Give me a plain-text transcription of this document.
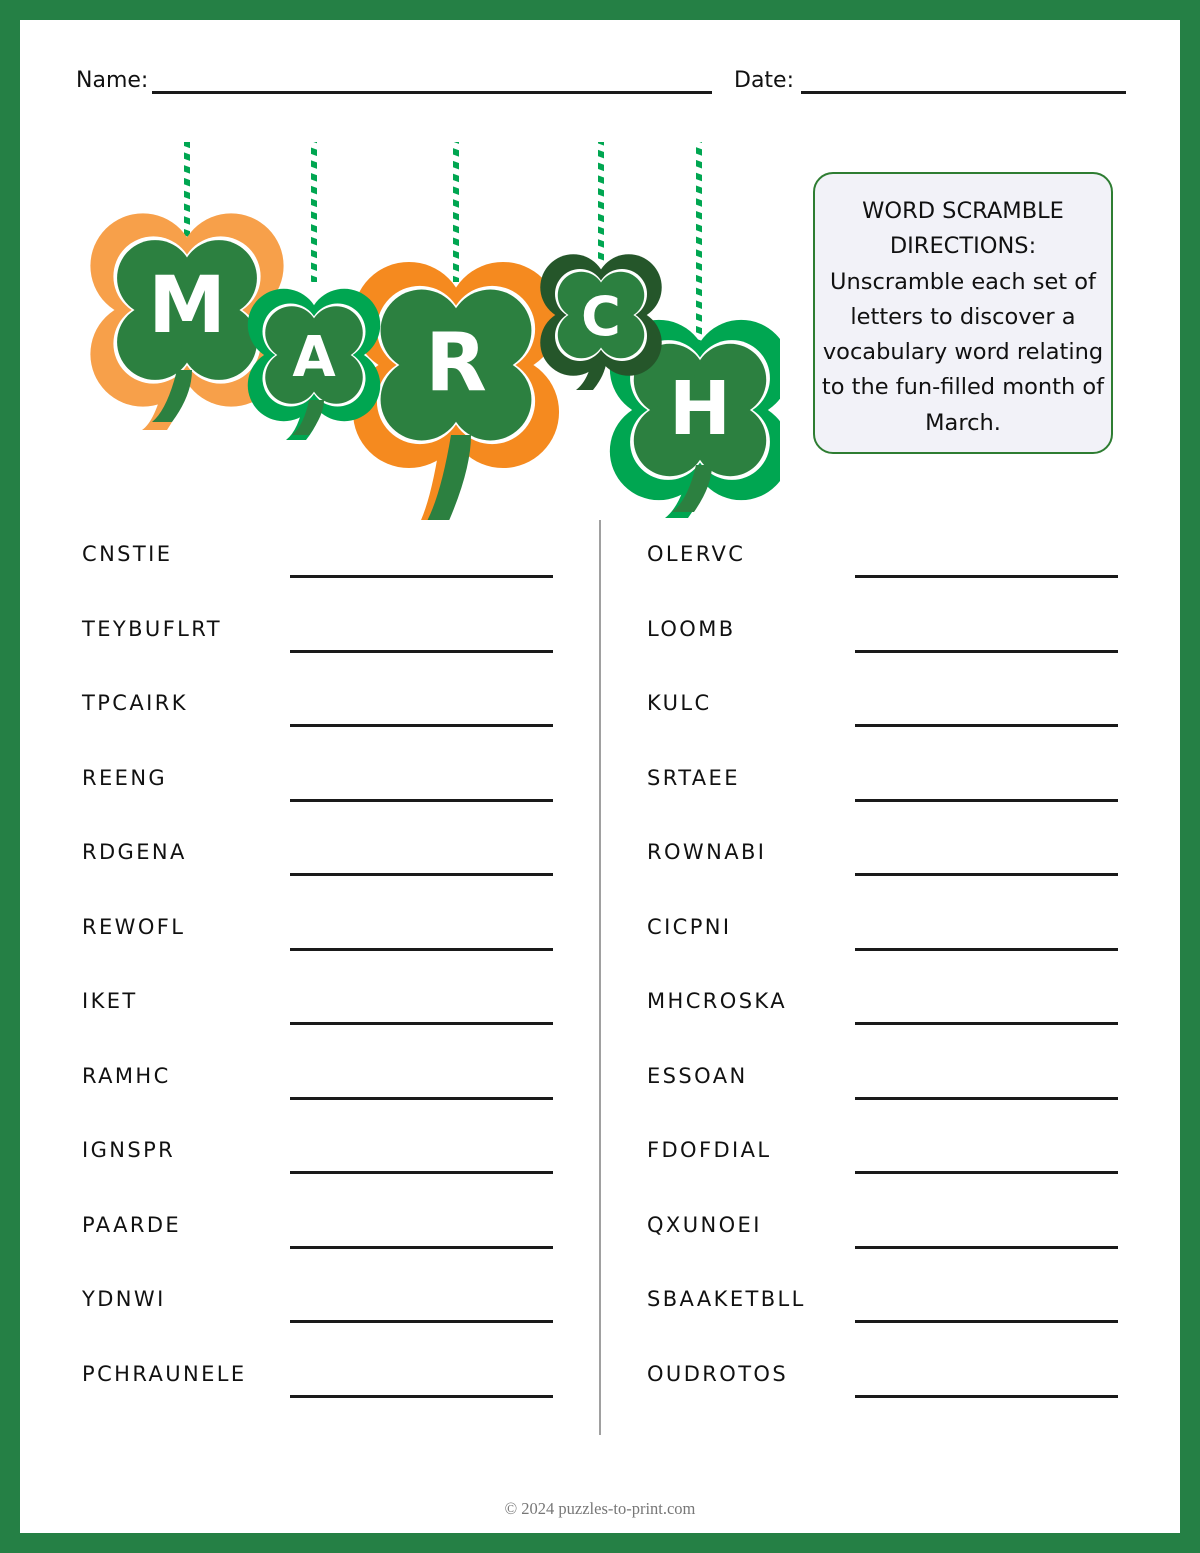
Name:	Date:
M
R
A
H
C
WORD SCRAMBLE DIRECTIONS:
Unscramble each set of letters to discover a vocabulary word relating to the fun-filled month of March.
CNSTIE
TEYBUFLRT
TPCAIRK
REENG
RDGENA
REWOFL
IKET
RAMHC
IGNSPR
PAARDE
YDNWI
PCHRAUNELE
OLERVC
LOOMB
KULC
SRTAEE
ROWNABI
CICPNI
MHCROSKA
ESSOAN
FDOFDIAL
QXUNOEI
SBAAKETBLL
OUDROTOS
© 2024 puzzles-to-print.com
